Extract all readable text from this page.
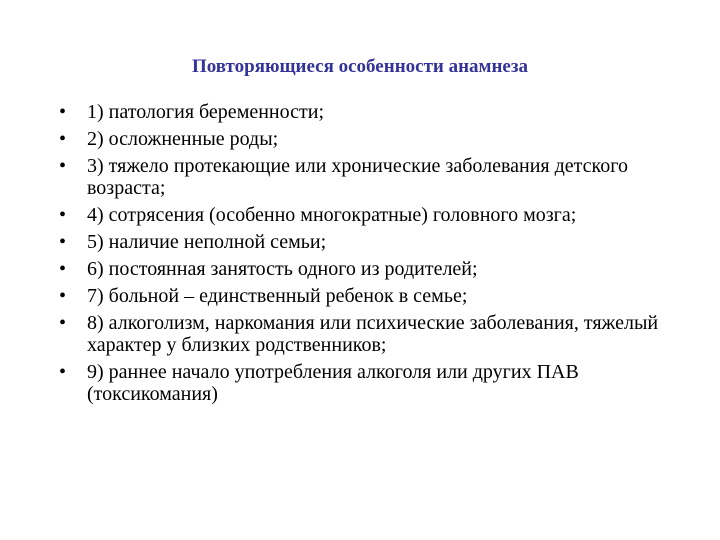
Повторяющиеся особенности анамнеза
• 1) патология беременности;
• 2) осложненные роды;
• 3) тяжело протекающие или хронические заболевания детского возраста;
• 4) сотрясения (особенно многократные) головного мозга;
• 5) наличие неполной семьи;
• 6) постоянная занятость одного из родителей;
• 7) больной – единственный ребенок в семье;
• 8) алкоголизм, наркомания или психические заболевания, тяжелый характер у близких родственников;
• 9) раннее начало употребления алкоголя или других ПАВ (токсикомания)
